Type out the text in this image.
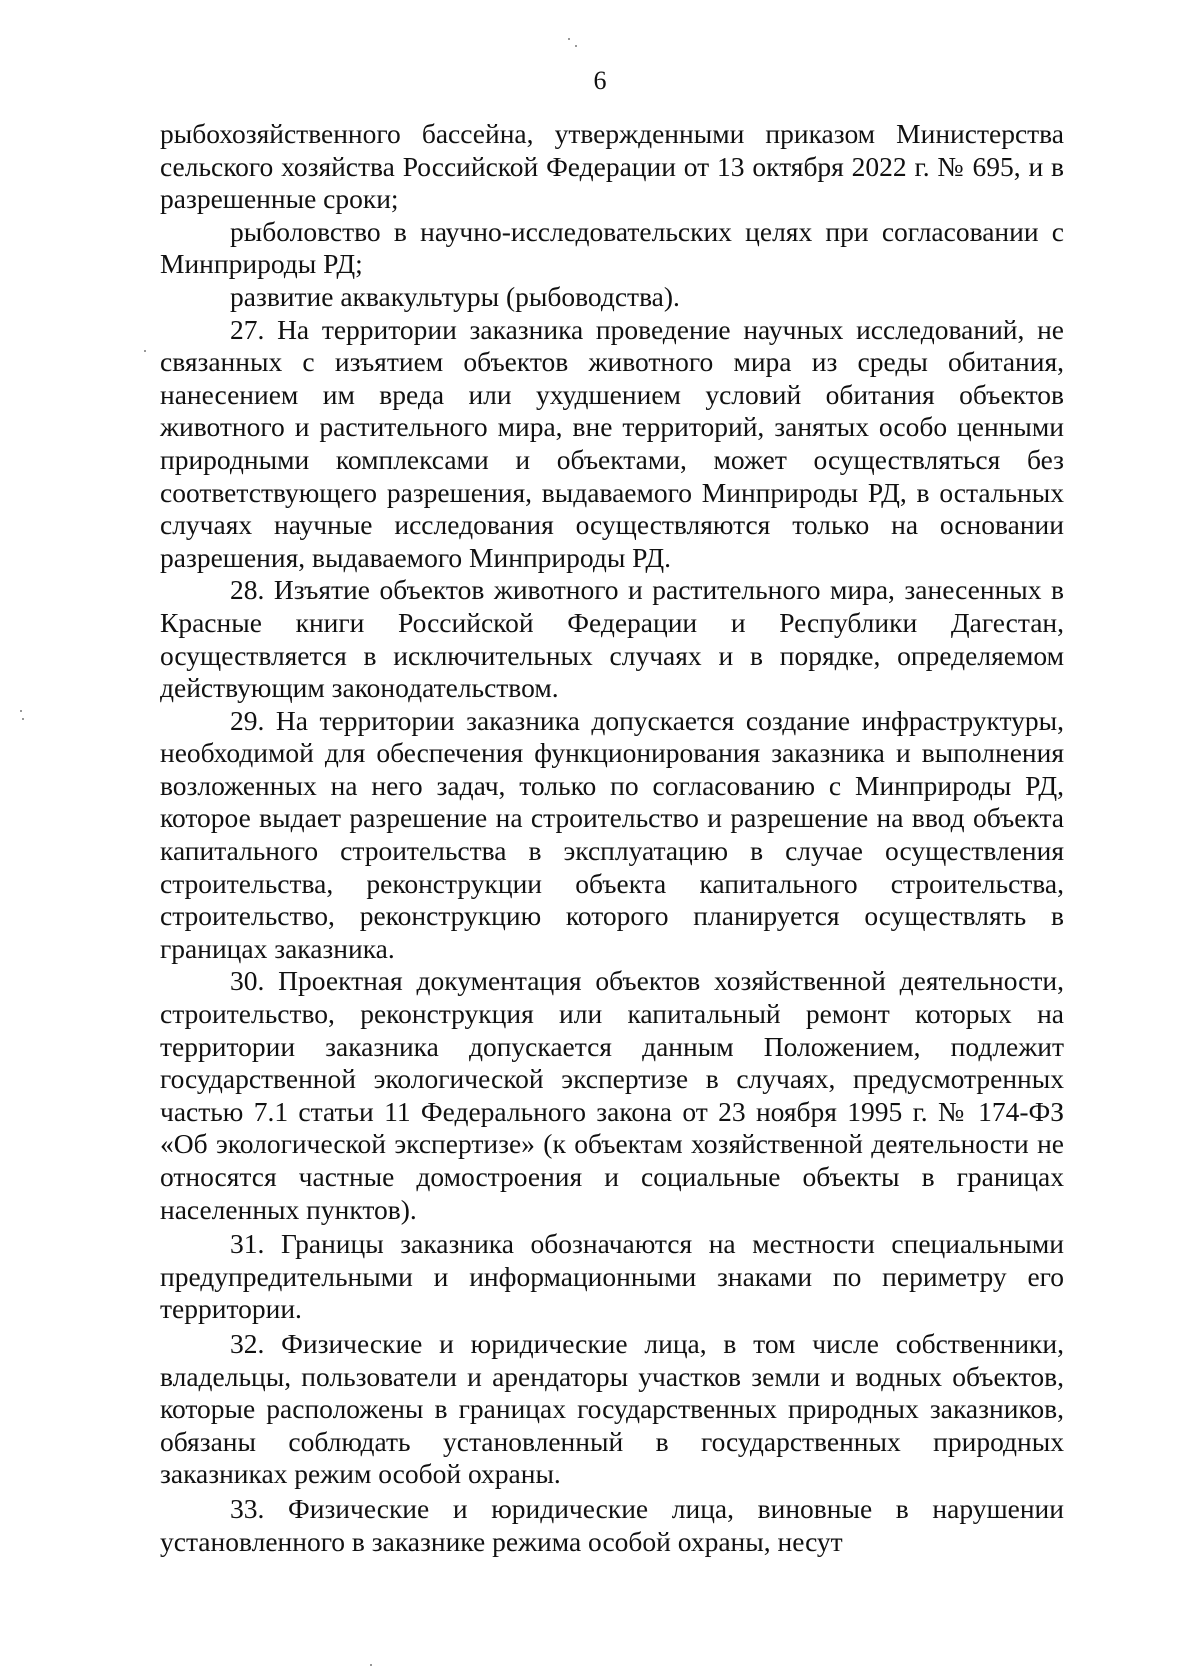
6

рыбохозяйственного бассейна, утвержденными приказом Министерства сельского хозяйства Российской Федерации от 13 октября 2022 г. № 695, и в разрешенные сроки;

рыболовство в научно-исследовательских целях при согласовании с Минприроды РД;

развитие аквакультуры (рыбоводства).

27. На территории заказника проведение научных исследований, не связанных с изъятием объектов животного мира из среды обитания, нанесением им вреда или ухудшением условий обитания объектов животного и растительного мира, вне территорий, занятых особо ценными природными комплексами и объектами, может осуществляться без соответствующего разрешения, выдаваемого Минприроды РД, в остальных случаях научные исследования осуществляются только на основании разрешения, выдаваемого Минприроды РД.

28. Изъятие объектов животного и растительного мира, занесенных в Красные книги Российской Федерации и Республики Дагестан, осуществляется в исключительных случаях и в порядке, определяемом действующим законодательством.

29. На территории заказника допускается создание инфраструктуры, необходимой для обеспечения функционирования заказника и выполнения возложенных на него задач, только по согласованию с Минприроды РД, которое выдает разрешение на строительство и разрешение на ввод объекта капитального строительства в эксплуатацию в случае осуществления строительства, реконструкции объекта капитального строительства, строительство, реконструкцию которого планируется осуществлять в границах заказника.

30. Проектная документация объектов хозяйственной деятельности, строительство, реконструкция или капитальный ремонт которых на территории заказника допускается данным Положением, подлежит государственной экологической экспертизе в случаях, предусмотренных частью 7.1 статьи 11 Федерального закона от 23 ноября 1995 г. № 174-ФЗ «Об экологической экспертизе» (к объектам хозяйственной деятельности не относятся частные домостроения и социальные объекты в границах населенных пунктов).

31. Границы заказника обозначаются на местности специальными предупредительными и информационными знаками по периметру его территории.

32. Физические и юридические лица, в том числе собственники, владельцы, пользователи и арендаторы участков земли и водных объектов, которые расположены в границах государственных природных заказников, обязаны соблюдать установленный в государственных природных заказниках режим особой охраны.

33. Физические и юридические лица, виновные в нарушении установленного в заказнике режима особой охраны, несут
